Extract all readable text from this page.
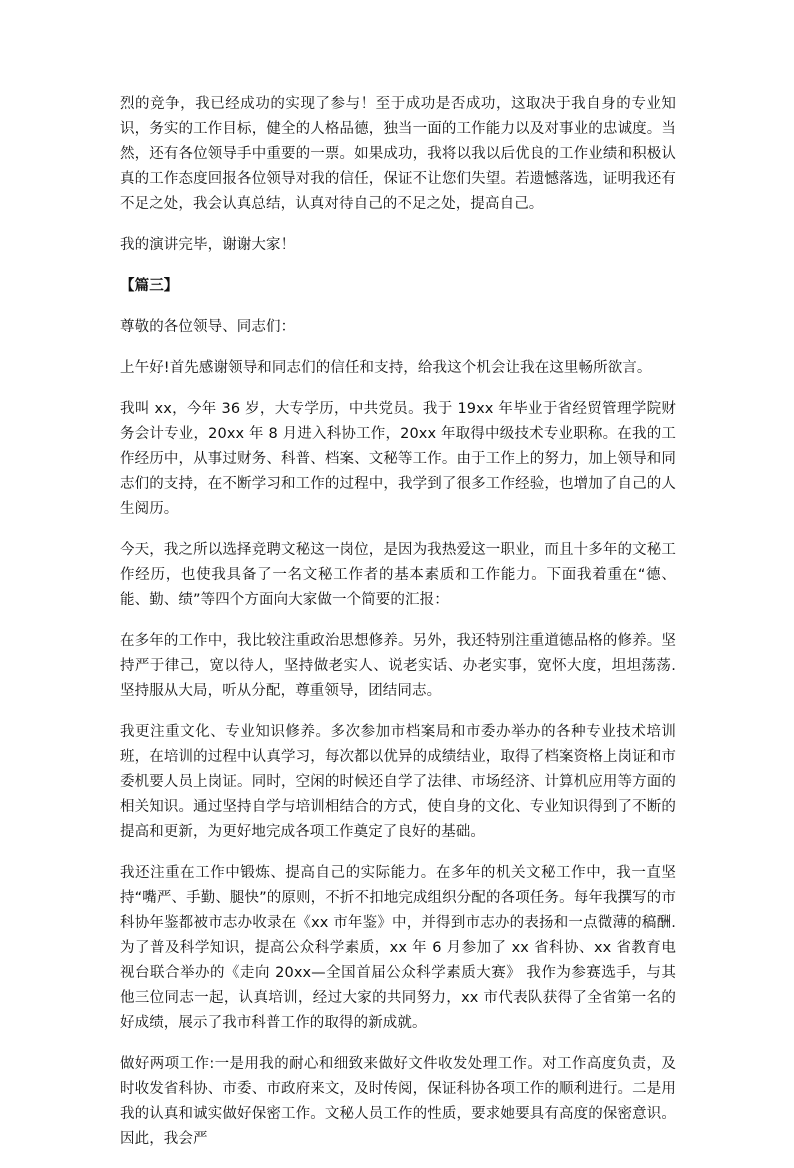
烈的竞争，我已经成功的实现了参与！至于成功是否成功，这取决于我自身的专业知识，务实的工作目标，健全的人格品德，独当一面的工作能力以及对事业的忠诚度。当然，还有各位领导手中重要的一票。如果成功，我将以我以后优良的工作业绩和积极认真的工作态度回报各位领导对我的信任，保证不让您们失望。若遗憾落选，证明我还有不足之处，我会认真总结，认真对待自己的不足之处，提高自己。

我的演讲完毕，谢谢大家！

【篇三】

尊敬的各位领导、同志们：

上午好!首先感谢领导和同志们的信任和支持，给我这个机会让我在这里畅所欲言。

我叫 xx，今年 36 岁，大专学历，中共党员。我于 19xx 年毕业于省经贸管理学院财务会计专业，20xx 年 8 月进入科协工作，20xx 年取得中级技术专业职称。在我的工作经历中，从事过财务、科普、档案、文秘等工作。由于工作上的努力，加上领导和同志们的支持，在不断学习和工作的过程中，我学到了很多工作经验，也增加了自己的人生阅历。

今天，我之所以选择竞聘文秘这一岗位，是因为我热爱这一职业，而且十多年的文秘工作经历，也使我具备了一名文秘工作者的基本素质和工作能力。下面我着重在“德、能、勤、绩”等四个方面向大家做一个简要的汇报：

在多年的工作中，我比较注重政治思想修养。另外，我还特别注重道德品格的修养。坚持严于律己，宽以待人，坚持做老实人、说老实话、办老实事，宽怀大度，坦坦荡荡.坚持服从大局，听从分配，尊重领导，团结同志。

我更注重文化、专业知识修养。多次参加市档案局和市委办举办的各种专业技术培训班，在培训的过程中认真学习，每次都以优异的成绩结业，取得了档案资格上岗证和市委机要人员上岗证。同时，空闲的时候还自学了法律、市场经济、计算机应用等方面的相关知识。通过坚持自学与培训相结合的方式，使自身的文化、专业知识得到了不断的提高和更新，为更好地完成各项工作奠定了良好的基础。

我还注重在工作中锻炼、提高自己的实际能力。在多年的机关文秘工作中，我一直坚持“嘴严、手勤、腿快”的原则，不折不扣地完成组织分配的各项任务。每年我撰写的市科协年鉴都被市志办收录在《xx 市年鉴》中，并得到市志办的表扬和一点微薄的稿酬.为了普及科学知识，提高公众科学素质，xx 年 6 月参加了 xx 省科协、xx 省教育电视台联合举办的《走向 20xx—全国首届公众科学素质大赛》 我作为参赛选手，与其他三位同志一起，认真培训，经过大家的共同努力，xx 市代表队获得了全省第一名的好成绩，展示了我市科普工作的取得的新成就。

做好两项工作:一是用我的耐心和细致来做好文件收发处理工作。对工作高度负责，及时收发省科协、市委、市政府来文，及时传阅，保证科协各项工作的顺利进行。二是用我的认真和诚实做好保密工作。文秘人员工作的性质，要求她要具有高度的保密意识。因此，我会严
